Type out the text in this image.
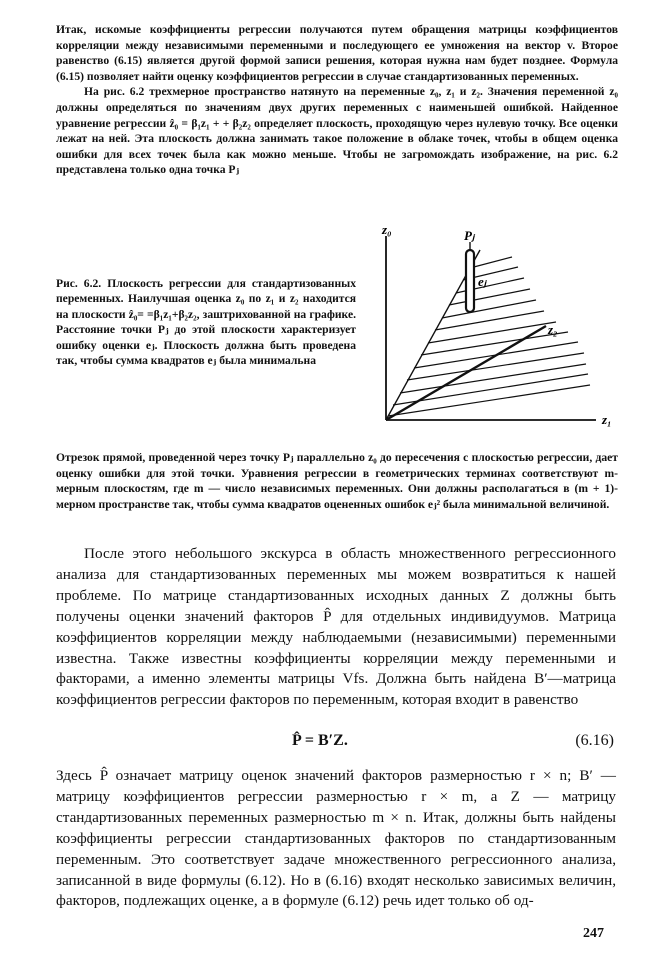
Итак, искомые коэффициенты регрессии получаются путем обращения матрицы коэффициентов корреляции между независимыми переменными и последующего ее умножения на вектор v. Второе равенство (6.15) является другой формой записи решения, которая нужна нам будет позднее. Формула (6.15) позволяет найти оценку коэффициентов регрессии в случае стандартизованных переменных.

На рис. 6.2 трехмерное пространство натянуто на переменные z₀, z₁ и z₂. Значения переменной z₀ должны определяться по значениям двух других переменных с наименьшей ошибкой. Найденное уравнение регрессии ẑ₀ = β₁z₁ + + β₂z₂ определяет плоскость, проходящую через нулевую точку. Все оценки лежат на ней. Эта плоскость должна занимать такое положение в облаке точек, чтобы в общем оценка ошибки для всех точек была как можно меньше. Чтобы не загромождать изображение, на рис. 6.2 представлена только одна точка Pⱼ

Рис. 6.2. Плоскость регрессии для стандартизованных переменных. Наилучшая оценка z₀ по z₁ и z₂ находится на плоскости ẑ₀= =β₁z₁+β₂z₂, заштрихованной на графике. Расстояние точки Pⱼ до этой плоскости характеризует ошибку оценки eⱼ. Плоскость должна быть проведена так, чтобы сумма квадратов eⱼ была минимальна

z₀
z₁
z₂
Pⱼ
eⱼ

Отрезок прямой, проведенной через точку Pⱼ параллельно z₀ до пересечения с плоскостью регрессии, дает оценку ошибки для этой точки. Уравнения регрессии в геометрических терминах соответствуют m-мерным плоскостям, где m — число независимых переменных. Они должны располагаться в (m + 1)-мерном пространстве так, чтобы сумма квадратов оцененных ошибок eⱼ² была минимальной величиной.

После этого небольшого экскурса в область множественного регрессионного анализа для стандартизованных переменных мы можем возвратиться к нашей проблеме. По матрице стандартизованных исходных данных Z должны быть получены оценки значений факторов P̂ для отдельных индивидуумов. Матрица коэффициентов корреляции между наблюдаемыми (независимыми) переменными известна. Также известны коэффициенты корреляции между переменными и факторами, а именно элементы матрицы Vfs. Должна быть найдена B′—матрица коэффициентов регрессии факторов по переменным, которая входит в равенство

P̂ = B′Z.	(6.16)

Здесь P̂ означает матрицу оценок значений факторов размерностью r × n; B′ — матрицу коэффициентов регрессии размерностью r × m, а Z — матрицу стандартизованных переменных размерностью m × n. Итак, должны быть найдены коэффициенты регрессии стандартизованных факторов по стандартизованным переменным. Это соответствует задаче множественного регрессионного анализа, записанной в виде формулы (6.12). Но в (6.16) входят несколько зависимых величин, факторов, подлежащих оценке, а в формуле (6.12) речь идет только об од-

247
